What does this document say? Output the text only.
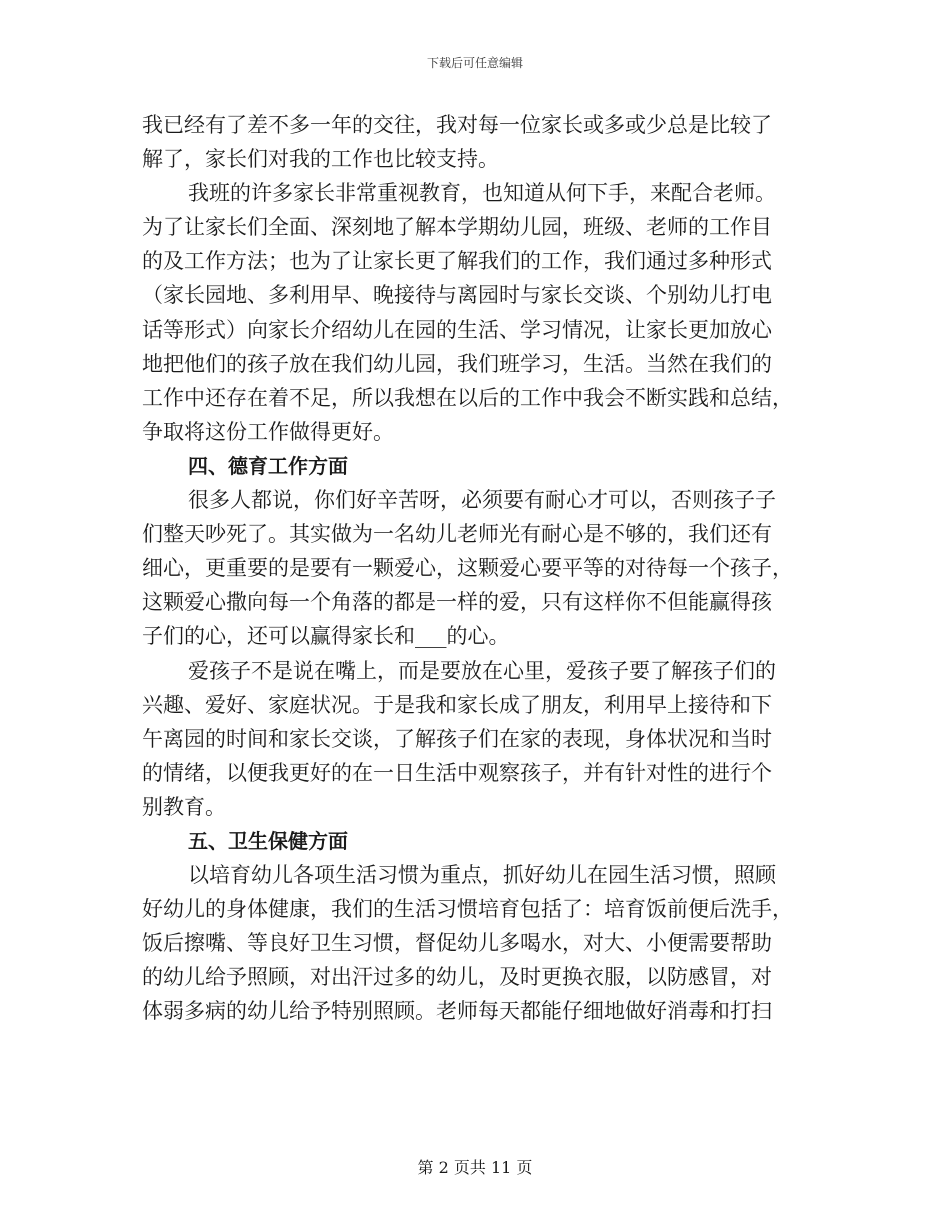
下载后可任意编辑
我已经有了差不多一年的交往，我对每一位家长或多或少总是比较了
解了，家长们对我的工作也比较支持。
我班的许多家长非常重视教育，也知道从何下手，来配合老师。
为了让家长们全面、深刻地了解本学期幼儿园，班级、老师的工作目
的及工作方法；也为了让家长更了解我们的工作，我们通过多种形式
（家长园地、多利用早、晚接待与离园时与家长交谈、个别幼儿打电
话等形式）向家长介绍幼儿在园的生活、学习情况，让家长更加放心
地把他们的孩子放在我们幼儿园，我们班学习，生活。当然在我们的
工作中还存在着不足，所以我想在以后的工作中我会不断实践和总结，
争取将这份工作做得更好。
四、德育工作方面
很多人都说，你们好辛苦呀，必须要有耐心才可以，否则孩子子
们整天吵死了。其实做为一名幼儿老师光有耐心是不够的，我们还有
细心，更重要的是要有一颗爱心，这颗爱心要平等的对待每一个孩子，
这颗爱心撒向每一个角落的都是一样的爱，只有这样你不但能赢得孩
子们的心，还可以赢得家长和___的心。
爱孩子不是说在嘴上，而是要放在心里，爱孩子要了解孩子们的
兴趣、爱好、家庭状况。于是我和家长成了朋友，利用早上接待和下
午离园的时间和家长交谈，了解孩子们在家的表现，身体状况和当时
的情绪，以便我更好的在一日生活中观察孩子，并有针对性的进行个
别教育。
五、卫生保健方面
以培育幼儿各项生活习惯为重点，抓好幼儿在园生活习惯，照顾
好幼儿的身体健康，我们的生活习惯培育包括了：培育饭前便后洗手，
饭后擦嘴、等良好卫生习惯，督促幼儿多喝水，对大、小便需要帮助
的幼儿给予照顾，对出汗过多的幼儿，及时更换衣服，以防感冒，对
体弱多病的幼儿给予特别照顾。老师每天都能仔细地做好消毒和打扫
第 2 页共 11 页
